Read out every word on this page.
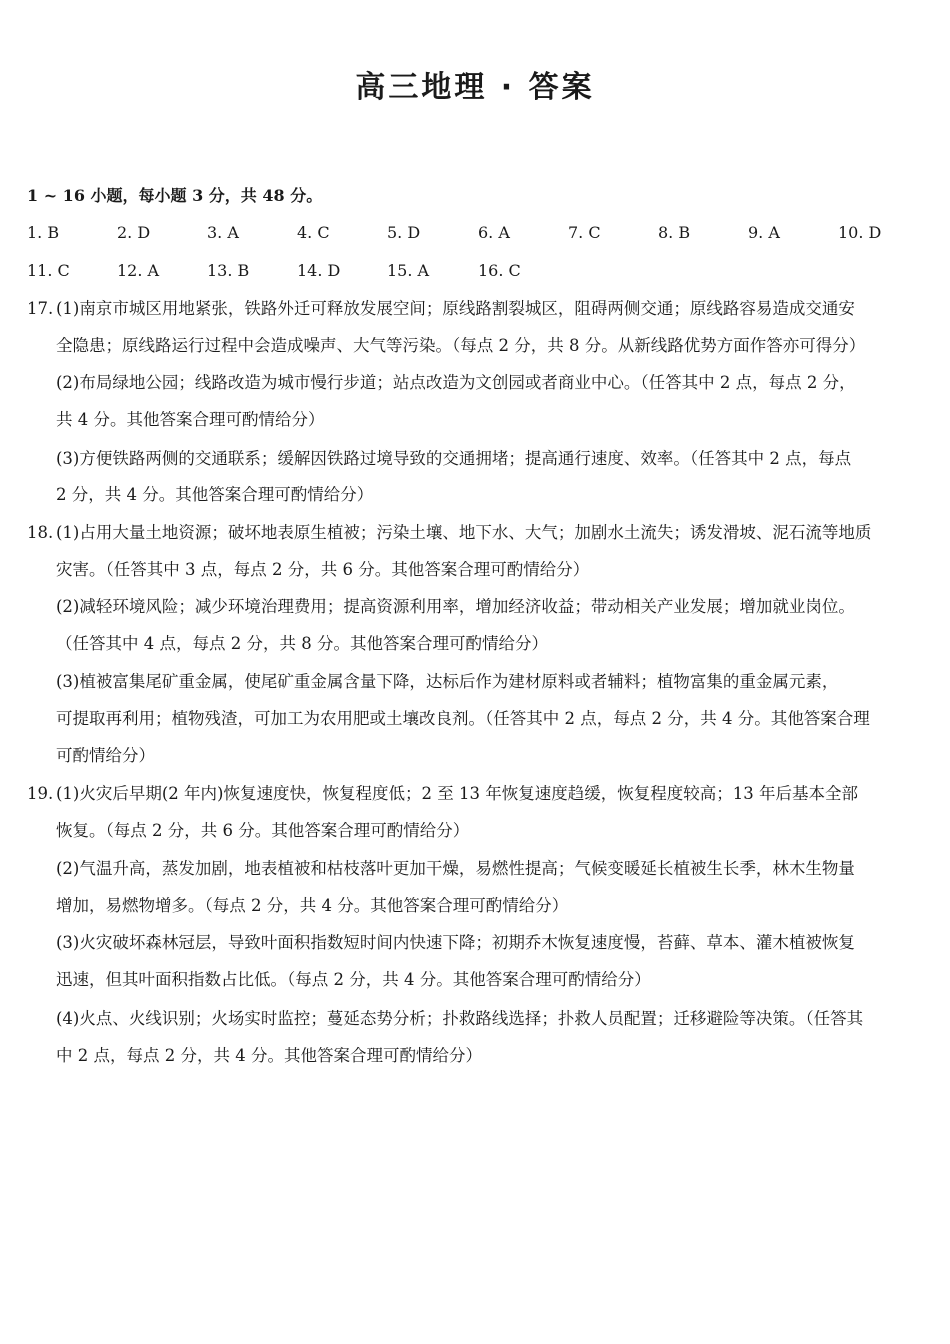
高三地理 · 答案
1 ~ 16 小题，每小题 3 分，共 48 分。
1. B	2. D	3. A	4. C	5. D	6. A	7. C	8. B	9. A	10. D
11. C	12. A	13. B	14. D	15. A	16. C
17. (1)南京市城区用地紧张，铁路外迁可释放发展空间；原线路割裂城区，阻碍两侧交通；原线路容易造成交通安
全隐患；原线路运行过程中会造成噪声、大气等污染。（每点 2 分，共 8 分。从新线路优势方面作答亦可得分）
(2)布局绿地公园；线路改造为城市慢行步道；站点改造为文创园或者商业中心。（任答其中 2 点，每点 2 分，
共 4 分。其他答案合理可酌情给分）
(3)方便铁路两侧的交通联系；缓解因铁路过境导致的交通拥堵；提高通行速度、效率。（任答其中 2 点，每点
2 分，共 4 分。其他答案合理可酌情给分）
18. (1)占用大量土地资源；破坏地表原生植被；污染土壤、地下水、大气；加剧水土流失；诱发滑坡、泥石流等地质
灾害。（任答其中 3 点，每点 2 分，共 6 分。其他答案合理可酌情给分）
(2)减轻环境风险；减少环境治理费用；提高资源利用率，增加经济收益；带动相关产业发展；增加就业岗位。
（任答其中 4 点，每点 2 分，共 8 分。其他答案合理可酌情给分）
(3)植被富集尾矿重金属，使尾矿重金属含量下降，达标后作为建材原料或者辅料；植物富集的重金属元素，
可提取再利用；植物残渣，可加工为农用肥或土壤改良剂。（任答其中 2 点，每点 2 分，共 4 分。其他答案合理
可酌情给分）
19. (1)火灾后早期(2 年内)恢复速度快，恢复程度低；2 至 13 年恢复速度趋缓，恢复程度较高；13 年后基本全部
恢复。（每点 2 分，共 6 分。其他答案合理可酌情给分）
(2)气温升高，蒸发加剧，地表植被和枯枝落叶更加干燥，易燃性提高；气候变暖延长植被生长季，林木生物量
增加，易燃物增多。（每点 2 分，共 4 分。其他答案合理可酌情给分）
(3)火灾破坏森林冠层，导致叶面积指数短时间内快速下降；初期乔木恢复速度慢，苔藓、草本、灌木植被恢复
迅速，但其叶面积指数占比低。（每点 2 分，共 4 分。其他答案合理可酌情给分）
(4)火点、火线识别；火场实时监控；蔓延态势分析；扑救路线选择；扑救人员配置；迁移避险等决策。（任答其
中 2 点，每点 2 分，共 4 分。其他答案合理可酌情给分）
